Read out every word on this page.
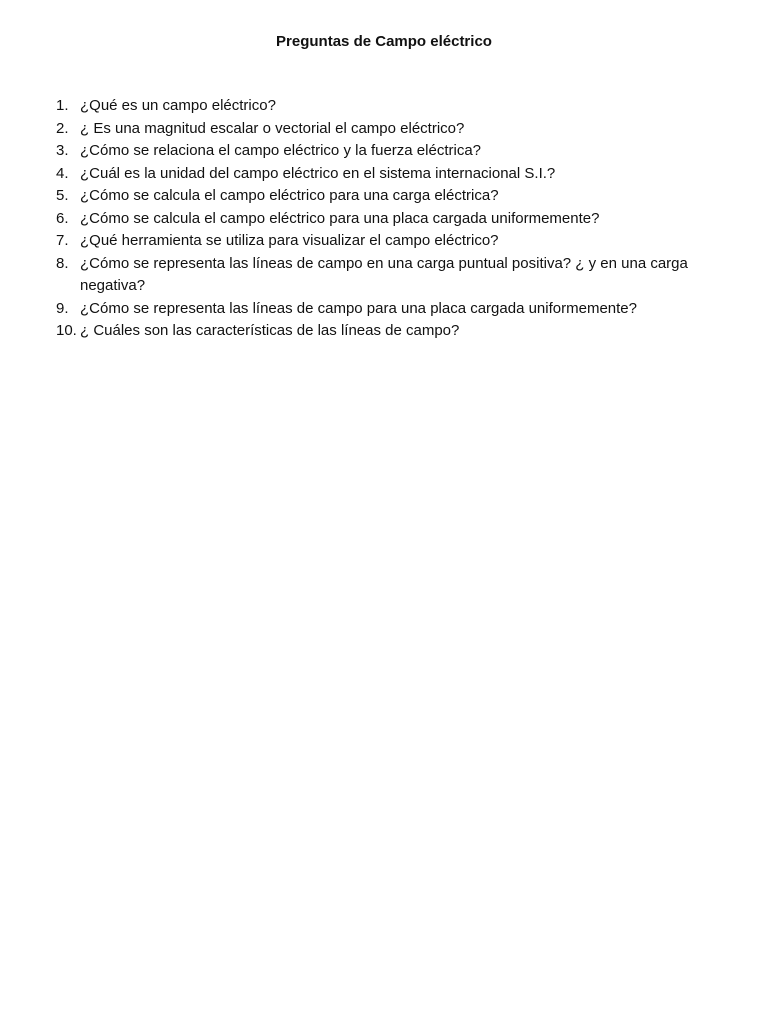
Preguntas de Campo eléctrico
1. ¿Qué es un campo eléctrico?
2. ¿ Es una magnitud escalar o vectorial el campo eléctrico?
3. ¿Cómo se relaciona el campo eléctrico y la fuerza eléctrica?
4. ¿Cuál es la unidad del campo eléctrico en el sistema internacional S.I.?
5. ¿Cómo se calcula el campo eléctrico para una carga eléctrica?
6. ¿Cómo se calcula el campo eléctrico para una placa cargada uniformemente?
7. ¿Qué herramienta se utiliza para visualizar el campo eléctrico?
8. ¿Cómo se representa las líneas de campo en una carga puntual positiva? ¿ y en una carga negativa?
9. ¿Cómo se representa las líneas de campo para una placa cargada uniformemente?
10. ¿ Cuáles son las características de las líneas de campo?
